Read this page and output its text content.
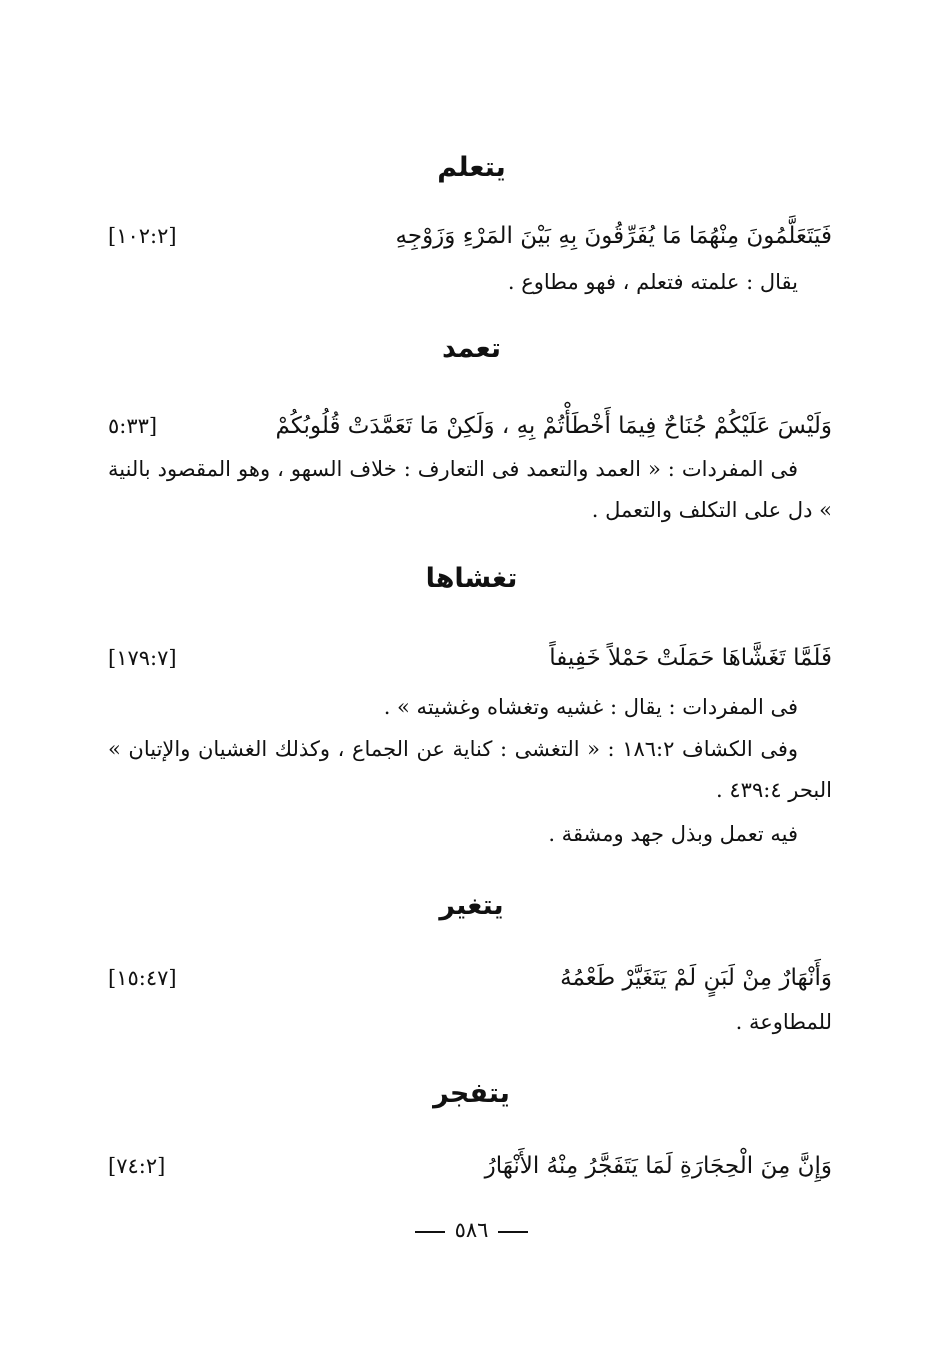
يتعلم
فَيَتَعَلَّمُونَ مِنْهُمَا مَا يُفَرِّقُونَ بِهِ بَيْنَ المَرْءِ وَزَوْجِهِ
[١٠٢:٢]
يقال : علمته فتعلم ، فهو مطاوع .
تعمد
وَلَيْسَ عَلَيْكُمْ جُنَاحٌ فِيمَا أَخْطَأْتُمْ بِهِ ، وَلَكِنْ مَا تَعَمَّدَتْ قُلُوبُكُمْ
[٥:٣٣
فى المفردات : « العمد والتعمد فى التعارف : خلاف السهو ، وهو المقصود بالنية » دل على التكلف والتعمل .
تغشاها
فَلَمَّا تَغَشَّاهَا حَمَلَتْ حَمْلاً خَفِيفاً
[١٧٩:٧]
فى المفردات : يقال : غشيه وتغشاه وغشيته » .
وفى الكشاف ١٨٦:٢ : « التغشى : كناية عن الجماع ، وكذلك الغشيان والإتيان » البحر ٤٣٩:٤ .
فيه تعمل وبذل جهد ومشقة .
يتغير
وَأَنْهَارٌ مِنْ لَبَنٍ لَمْ يَتَغَيَّرْ طَعْمُهُ
[١٥:٤٧]
للمطاوعة .
يتفجر
وَإِنَّ مِنَ الْحِجَارَةِ لَمَا يَتَفَجَّرُ مِنْهُ الأَنْهَارُ
[٧٤:٢]
٥٨٦
